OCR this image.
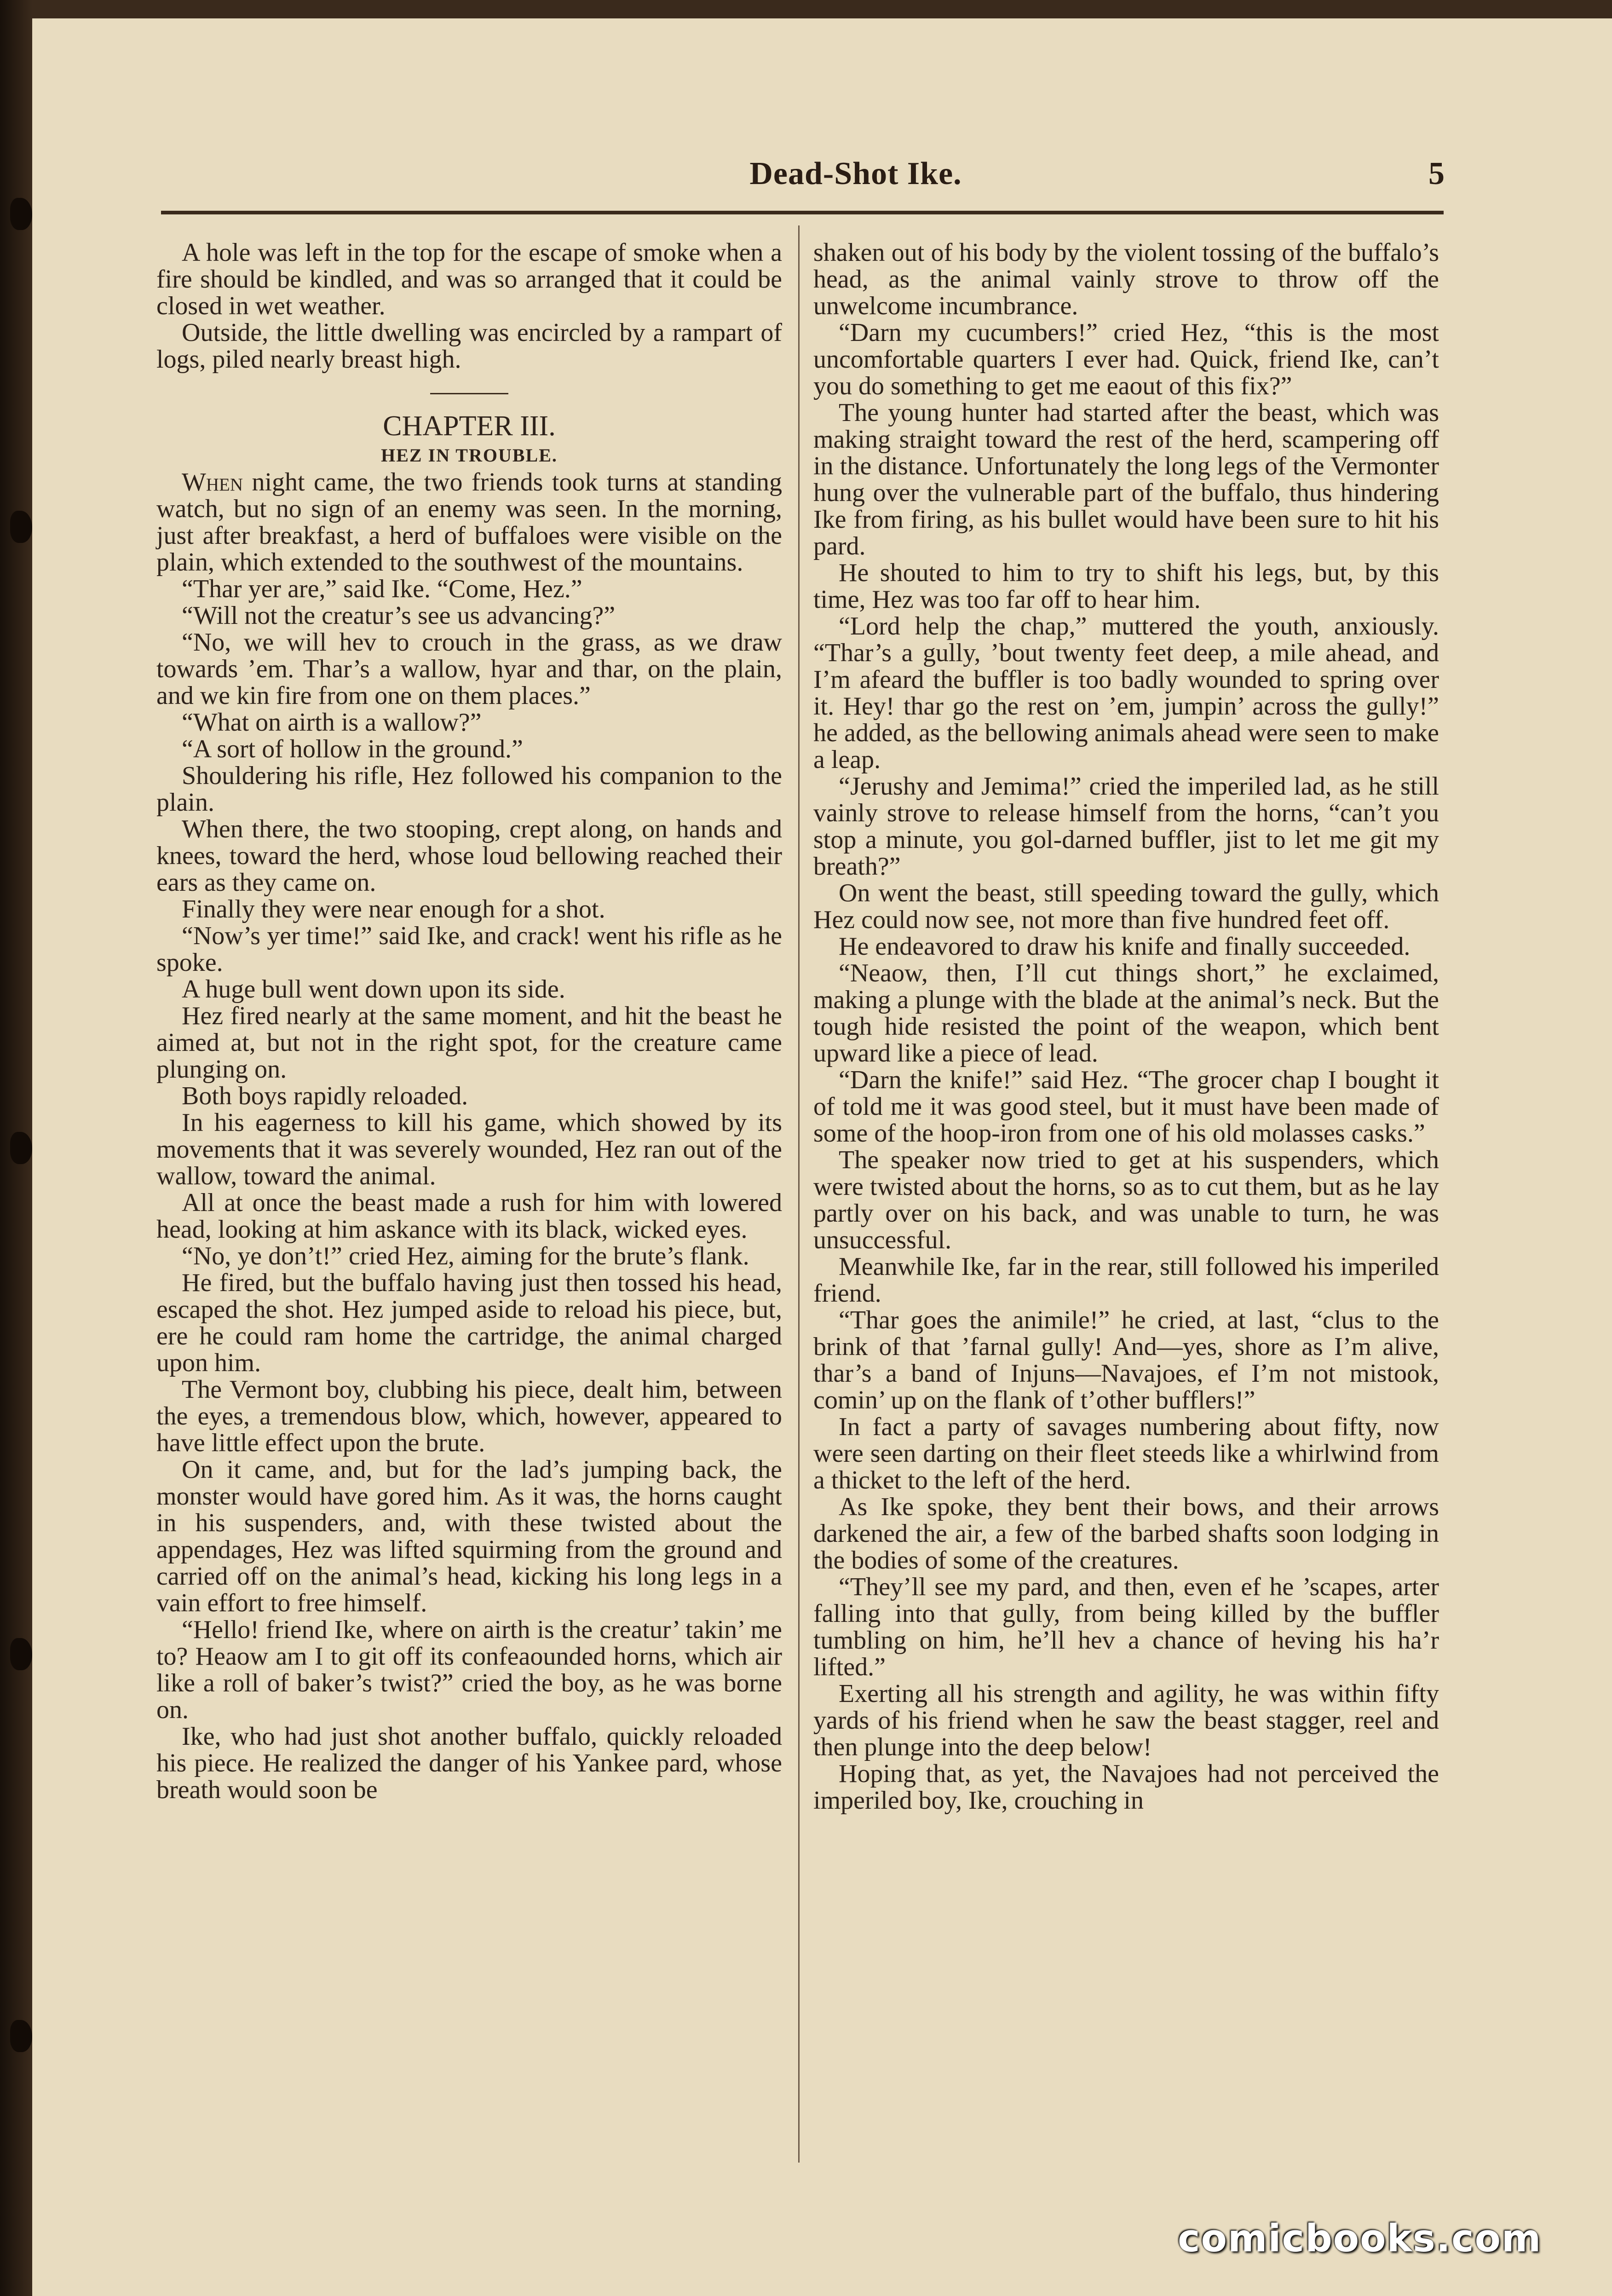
Dead-Shot Ike.	5

A hole was left in the top for the escape of smoke when a fire should be kindled, and was so arranged that it could be closed in wet weather.

Outside, the little dwelling was encircled by a rampart of logs, piled nearly breast high.

CHAPTER III.

HEZ IN TROUBLE.

When night came, the two friends took turns at standing watch, but no sign of an enemy was seen. In the morning, just after breakfast, a herd of buffaloes were visible on the plain, which extended to the southwest of the mountains.

“Thar yer are,” said Ike. “Come, Hez.”

“Will not the creatur’s see us advancing?”

“No, we will hev to crouch in the grass, as we draw towards ’em. Thar’s a wallow, hyar and thar, on the plain, and we kin fire from one on them places.”

“What on airth is a wallow?”

“A sort of hollow in the ground.”

Shouldering his rifle, Hez followed his companion to the plain.

When there, the two stooping, crept along, on hands and knees, toward the herd, whose loud bellowing reached their ears as they came on.

Finally they were near enough for a shot.

“Now’s yer time!” said Ike, and crack! went his rifle as he spoke.

A huge bull went down upon its side.

Hez fired nearly at the same moment, and hit the beast he aimed at, but not in the right spot, for the creature came plunging on.

Both boys rapidly reloaded.

In his eagerness to kill his game, which showed by its movements that it was severely wounded, Hez ran out of the wallow, toward the animal.

All at once the beast made a rush for him with lowered head, looking at him askance with its black, wicked eyes.

“No, ye don’t!” cried Hez, aiming for the brute’s flank.

He fired, but the buffalo having just then tossed his head, escaped the shot. Hez jumped aside to reload his piece, but, ere he could ram home the cartridge, the animal charged upon him.

The Vermont boy, clubbing his piece, dealt him, between the eyes, a tremendous blow, which, however, appeared to have little effect upon the brute.

On it came, and, but for the lad’s jumping back, the monster would have gored him. As it was, the horns caught in his suspenders, and, with these twisted about the appendages, Hez was lifted squirming from the ground and carried off on the animal’s head, kicking his long legs in a vain effort to free himself.

“Hello! friend Ike, where on airth is the creatur’ takin’ me to? Heaow am I to git off its confeaounded horns, which air like a roll of baker’s twist?” cried the boy, as he was borne on.

Ike, who had just shot another buffalo, quickly reloaded his piece. He realized the danger of his Yankee pard, whose breath would soon be

shaken out of his body by the violent tossing of the buffalo’s head, as the animal vainly strove to throw off the unwelcome incumbrance.

“Darn my cucumbers!” cried Hez, “this is the most uncomfortable quarters I ever had. Quick, friend Ike, can’t you do something to get me eaout of this fix?”

The young hunter had started after the beast, which was making straight toward the rest of the herd, scampering off in the distance. Unfortunately the long legs of the Vermonter hung over the vulnerable part of the buffalo, thus hindering Ike from firing, as his bullet would have been sure to hit his pard.

He shouted to him to try to shift his legs, but, by this time, Hez was too far off to hear him.

“Lord help the chap,” muttered the youth, anxiously. “Thar’s a gully, ’bout twenty feet deep, a mile ahead, and I’m afeard the buffler is too badly wounded to spring over it. Hey! thar go the rest on ’em, jumpin’ across the gully!” he added, as the bellowing animals ahead were seen to make a leap.

“Jerushy and Jemima!” cried the imperiled lad, as he still vainly strove to release himself from the horns, “can’t you stop a minute, you gol-darned buffler, jist to let me git my breath?”

On went the beast, still speeding toward the gully, which Hez could now see, not more than five hundred feet off.

He endeavored to draw his knife and finally succeeded.

“Neaow, then, I’ll cut things short,” he exclaimed, making a plunge with the blade at the animal’s neck. But the tough hide resisted the point of the weapon, which bent upward like a piece of lead.

“Darn the knife!” said Hez. “The grocer chap I bought it of told me it was good steel, but it must have been made of some of the hoop-iron from one of his old molasses casks.”

The speaker now tried to get at his suspenders, which were twisted about the horns, so as to cut them, but as he lay partly over on his back, and was unable to turn, he was unsuccessful.

Meanwhile Ike, far in the rear, still followed his imperiled friend.

“Thar goes the animile!” he cried, at last, “clus to the brink of that ’farnal gully! And—yes, shore as I’m alive, thar’s a band of Injuns—Navajoes, ef I’m not mistook, comin’ up on the flank of t’other bufflers!”

In fact a party of savages numbering about fifty, now were seen darting on their fleet steeds like a whirlwind from a thicket to the left of the herd.

As Ike spoke, they bent their bows, and their arrows darkened the air, a few of the barbed shafts soon lodging in the bodies of some of the creatures.

“They’ll see my pard, and then, even ef he ’scapes, arter falling into that gully, from being killed by the buffler tumbling on him, he’ll hev a chance of heving his ha’r lifted.”

Exerting all his strength and agility, he was within fifty yards of his friend when he saw the beast stagger, reel and then plunge into the deep below!

Hoping that, as yet, the Navajoes had not perceived the imperiled boy, Ike, crouching in

comicbooks.com
